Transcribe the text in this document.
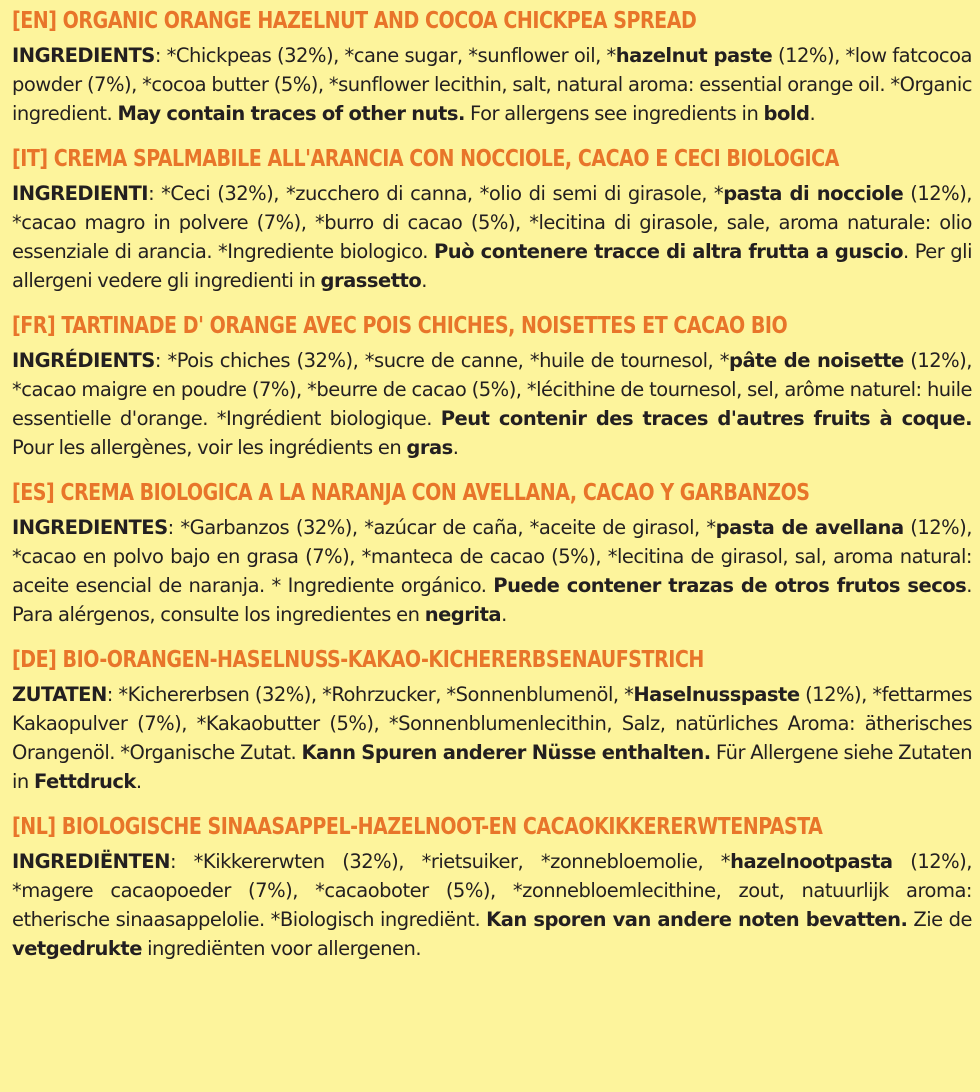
[EN] ORGANIC ORANGE HAZELNUT AND COCOA CHICKPEA SPREAD

INGREDIENTS: *Chickpeas (32%), *cane sugar, *sunflower oil, *hazelnut paste (12%), *low fatcocoa powder (7%), *cocoa butter (5%), *sunflower lecithin, salt, natural aroma: essential orange oil. *Organic ingredient. May contain traces of other nuts. For allergens see ingredients in bold.

[IT] CREMA SPALMABILE ALL'ARANCIA CON NOCCIOLE, CACAO E CECI BIOLOGICA

INGREDIENTI: *Ceci (32%), *zucchero di canna, *olio di semi di girasole, *pasta di nocciole (12%), *cacao magro in polvere (7%), *burro di cacao (5%), *lecitina di girasole, sale, aroma naturale: olio essenziale di arancia. *Ingrediente biologico. Può contenere tracce di altra frutta a guscio. Per gli allergeni vedere gli ingredienti in grassetto.

[FR] TARTINADE D' ORANGE AVEC POIS CHICHES, NOISETTES ET CACAO BIO

INGRÉDIENTS: *Pois chiches (32%), *sucre de canne, *huile de tournesol, *pâte de noisette (12%), *cacao maigre en poudre (7%), *beurre de cacao (5%), *lécithine de tournesol, sel, arôme naturel: huile essentielle d'orange. *Ingrédient biologique. Peut contenir des traces d'autres fruits à coque. Pour les allergènes, voir les ingrédients en gras.

[ES] CREMA BIOLOGICA A LA NARANJA CON AVELLANA, CACAO Y GARBANZOS

INGREDIENTES: *Garbanzos (32%), *azúcar de caña, *aceite de girasol, *pasta de avellana (12%), *cacao en polvo bajo en grasa (7%), *manteca de cacao (5%), *lecitina de girasol, sal, aroma natural: aceite esencial de naranja. * Ingrediente orgánico. Puede contener trazas de otros frutos secos. Para alérgenos, consulte los ingredientes en negrita.

[DE] BIO-ORANGEN-HASELNUSS-KAKAO-KICHERERBSENAUFSTRICH

ZUTATEN: *Kichererbsen (32%), *Rohrzucker, *Sonnenblumenöl, *Haselnusspaste (12%), *fettarmes Kakaopulver (7%), *Kakaobutter (5%), *Sonnenblumenlecithin, Salz, natürliches Aroma: ätherisches Orangenöl. *Organische Zutat. Kann Spuren anderer Nüsse enthalten. Für Allergene siehe Zutaten in Fettdruck.

[NL] BIOLOGISCHE SINAASAPPEL-HAZELNOOT-EN CACAOKIKKERERWTENPASTA

INGREDIËNTEN: *Kikkererwten (32%), *rietsuiker, *zonnebloemolie, *hazelnootpasta (12%), *magere cacaopoeder (7%), *cacaoboter (5%), *zonnebloemlecithine, zout, natuurlijk aroma: etherische sinaasappelolie. *Biologisch ingrediënt. Kan sporen van andere noten bevatten. Zie de vetgedrukte ingrediënten voor allergenen.
